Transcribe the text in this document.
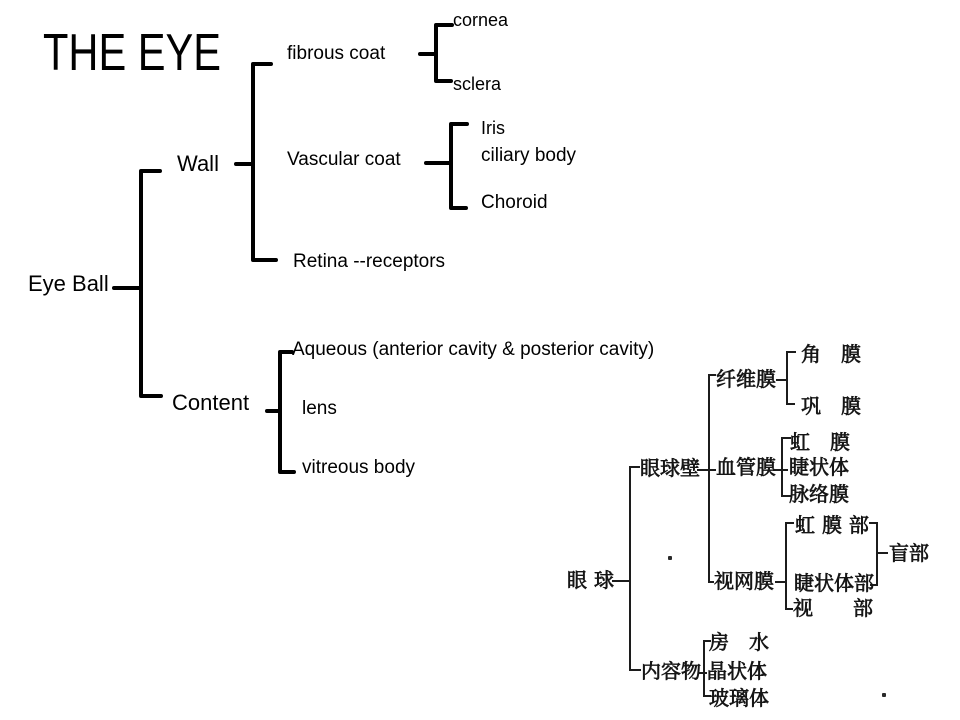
THE EYE
Eye Ball
Wall
fibrous coat
cornea
sclera
Vascular coat
Iris
ciliary body
Choroid
Retina --receptors
Content
Aqueous (anterior cavity & posterior cavity)
lens
vitreous body
眼 球
眼球壁
纤维膜
角　膜
巩　膜
血管膜
虹　膜
睫状体
脉络膜
视网膜
虹 膜 部
睫状体部
视　　部
盲部
内容物
房　水
晶状体
玻璃体
